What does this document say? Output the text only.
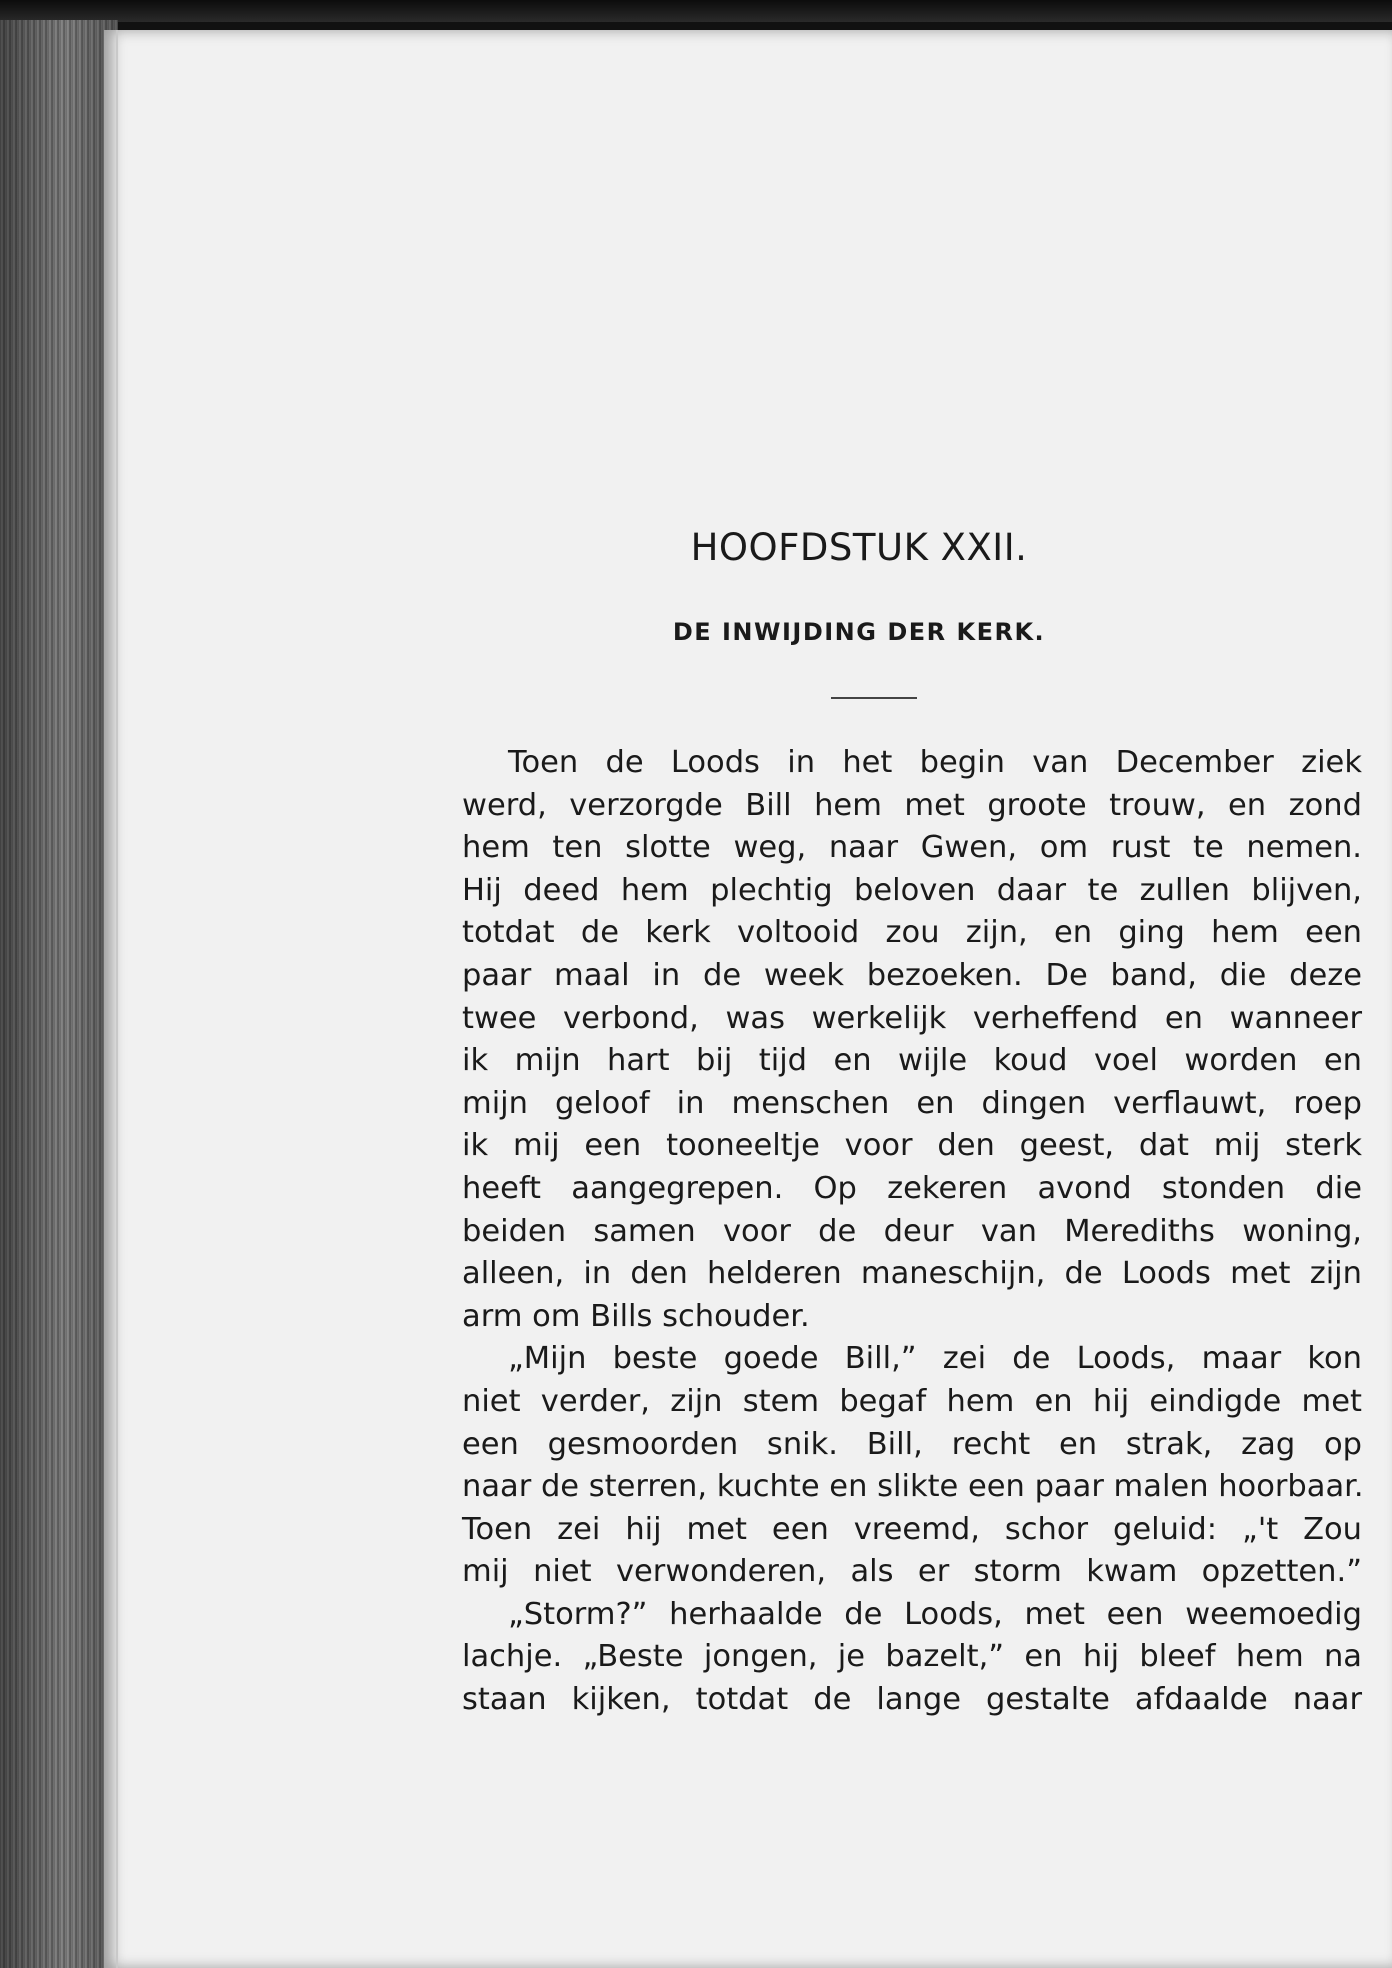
HOOFDSTUK XXII.
DE INWIJDING DER KERK.
Toen de Loods in het begin van December ziek
werd, verzorgde Bill hem met groote trouw, en zond
hem ten slotte weg, naar Gwen, om rust te nemen.
Hij deed hem plechtig beloven daar te zullen blijven,
totdat de kerk voltooid zou zijn, en ging hem een
paar maal in de week bezoeken. De band, die deze
twee verbond, was werkelijk verheffend en wanneer
ik mijn hart bij tijd en wijle koud voel worden en
mijn geloof in menschen en dingen verflauwt, roep
ik mij een tooneeltje voor den geest, dat mij sterk
heeft aangegrepen. Op zekeren avond stonden die
beiden samen voor de deur van Merediths woning,
alleen, in den helderen maneschijn, de Loods met zijn
arm om Bills schouder.
„Mijn beste goede Bill,” zei de Loods, maar kon
niet verder, zijn stem begaf hem en hij eindigde met
een gesmoorden snik. Bill, recht en strak, zag op
naar de sterren, kuchte en slikte een paar malen hoorbaar.
Toen zei hij met een vreemd, schor geluid: „'t Zou
mij niet verwonderen, als er storm kwam opzetten.”
„Storm?” herhaalde de Loods, met een weemoedig
lachje. „Beste jongen, je bazelt,” en hij bleef hem na
staan kijken, totdat de lange gestalte afdaalde naar
